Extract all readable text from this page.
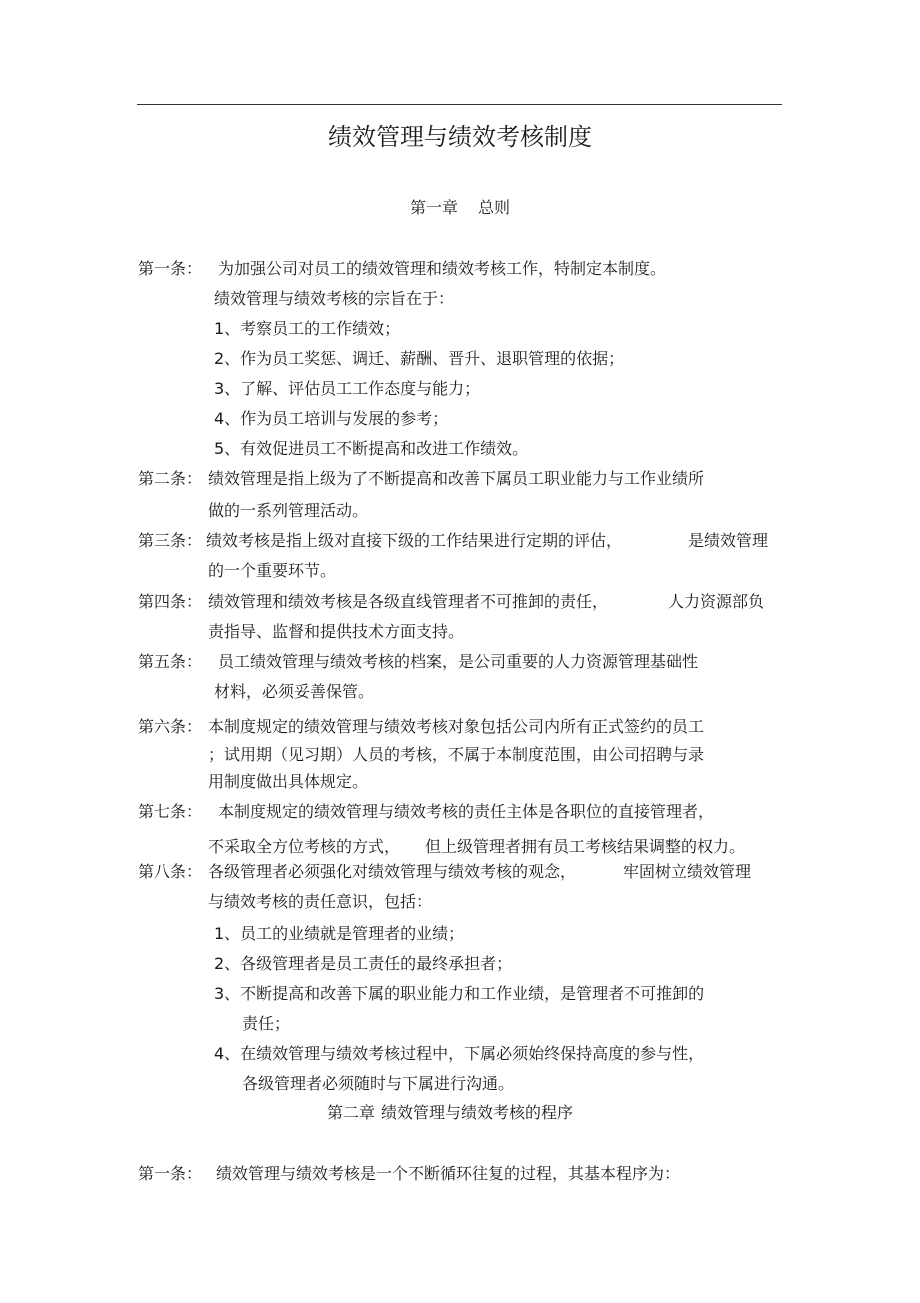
绩效管理与绩效考核制度
第一章 总则
第一条： 为加强公司对员工的绩效管理和绩效考核工作，特制定本制度。
绩效管理与绩效考核的宗旨在于：
1、考察员工的工作绩效；
2、作为员工奖惩、调迁、薪酬、晋升、退职管理的依据；
3、了解、评估员工工作态度与能力；
4、作为员工培训与发展的参考；
5、有效促进员工不断提高和改进工作绩效。
第二条： 绩效管理是指上级为了不断提高和改善下属员工职业能力与工作业绩所
做的一系列管理活动。
第三条： 绩效考核是指上级对直接下级的工作结果进行定期的评估，	是绩效管理
的一个重要环节。
第四条： 绩效管理和绩效考核是各级直线管理者不可推卸的责任，	人力资源部负
责指导、监督和提供技术方面支持。
第五条： 员工绩效管理与绩效考核的档案，是公司重要的人力资源管理基础性
材料，必须妥善保管。
第六条： 本制度规定的绩效管理与绩效考核对象包括公司内所有正式签约的员工
；试用期（见习期）人员的考核，不属于本制度范围，由公司招聘与录
用制度做出具体规定。
第七条： 本制度规定的绩效管理与绩效考核的责任主体是各职位的直接管理者，
不采取全方位考核的方式， 但上级管理者拥有员工考核结果调整的权力。
第八条： 各级管理者必须强化对绩效管理与绩效考核的观念，	牢固树立绩效管理
与绩效考核的责任意识，包括：
1、员工的业绩就是管理者的业绩；
2、各级管理者是员工责任的最终承担者；
3、不断提高和改善下属的职业能力和工作业绩，是管理者不可推卸的
责任；
4、在绩效管理与绩效考核过程中，下属必须始终保持高度的参与性，
各级管理者必须随时与下属进行沟通。
第二章 绩效管理与绩效考核的程序
第一条： 绩效管理与绩效考核是一个不断循环往复的过程，其基本程序为：
